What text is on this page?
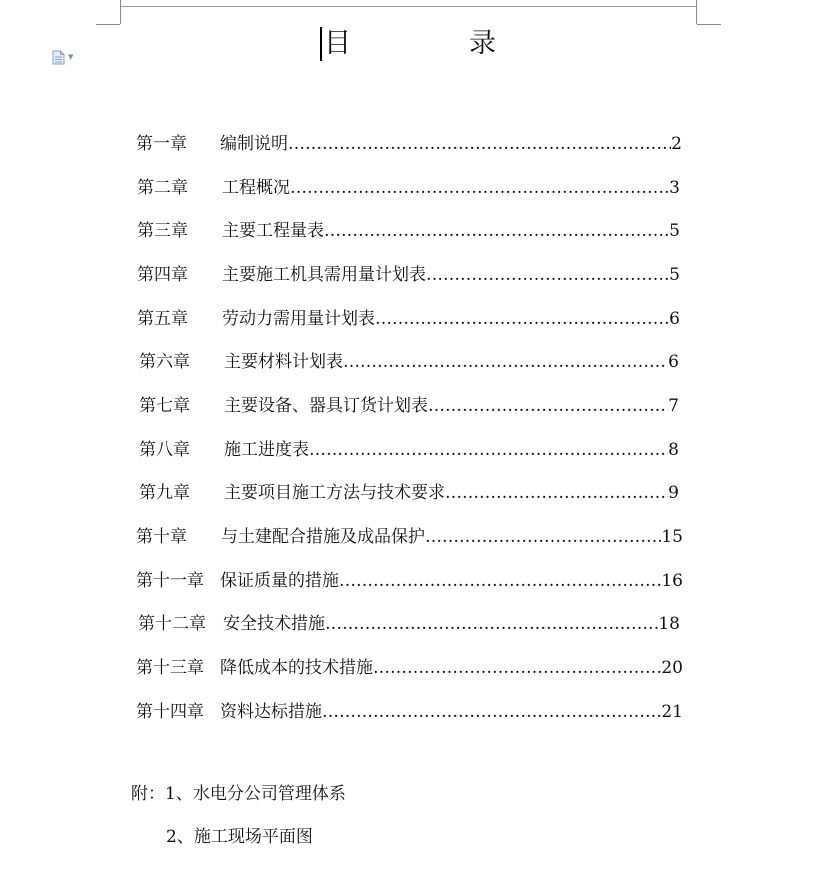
▼	目	录
第一章	编制说明 ………………………………………………………………………………………………………………………………	2
第二章	工程概况 ………………………………………………………………………………………………………………………………	3
第三章	主要工程量表 ………………………………………………………………………………………………………………………………	5
第四章	主要施工机具需用量计划表 ………………………………………………………………………………………………………………………………	5
第五章	劳动力需用量计划表 ………………………………………………………………………………………………………………………………	6
第六章	主要材料计划表 ………………………………………………………………………………………………………………………………	6
第七章	主要设备、器具订货计划表 ………………………………………………………………………………………………………………………………	7
第八章	施工进度表 ………………………………………………………………………………………………………………………………	8
第九章	主要项目施工方法与技术要求 ………………………………………………………………………………………………………………………………	9
第十章	与土建配合措施及成品保护 ………………………………………………………………………………………………………………………………	15
第十一章 保证质量的措施 ………………………………………………………………………………………………………………………………	16
第十二章	安全技术措施 ………………………………………………………………………………………………………………………………	18
第十三章 降低成本的技术措施 ………………………………………………………………………………………………………………………………	20
第十四章 资料达标措施 ………………………………………………………………………………………………………………………………	21
附：1、水电分公司管理体系
2、施工现场平面图
